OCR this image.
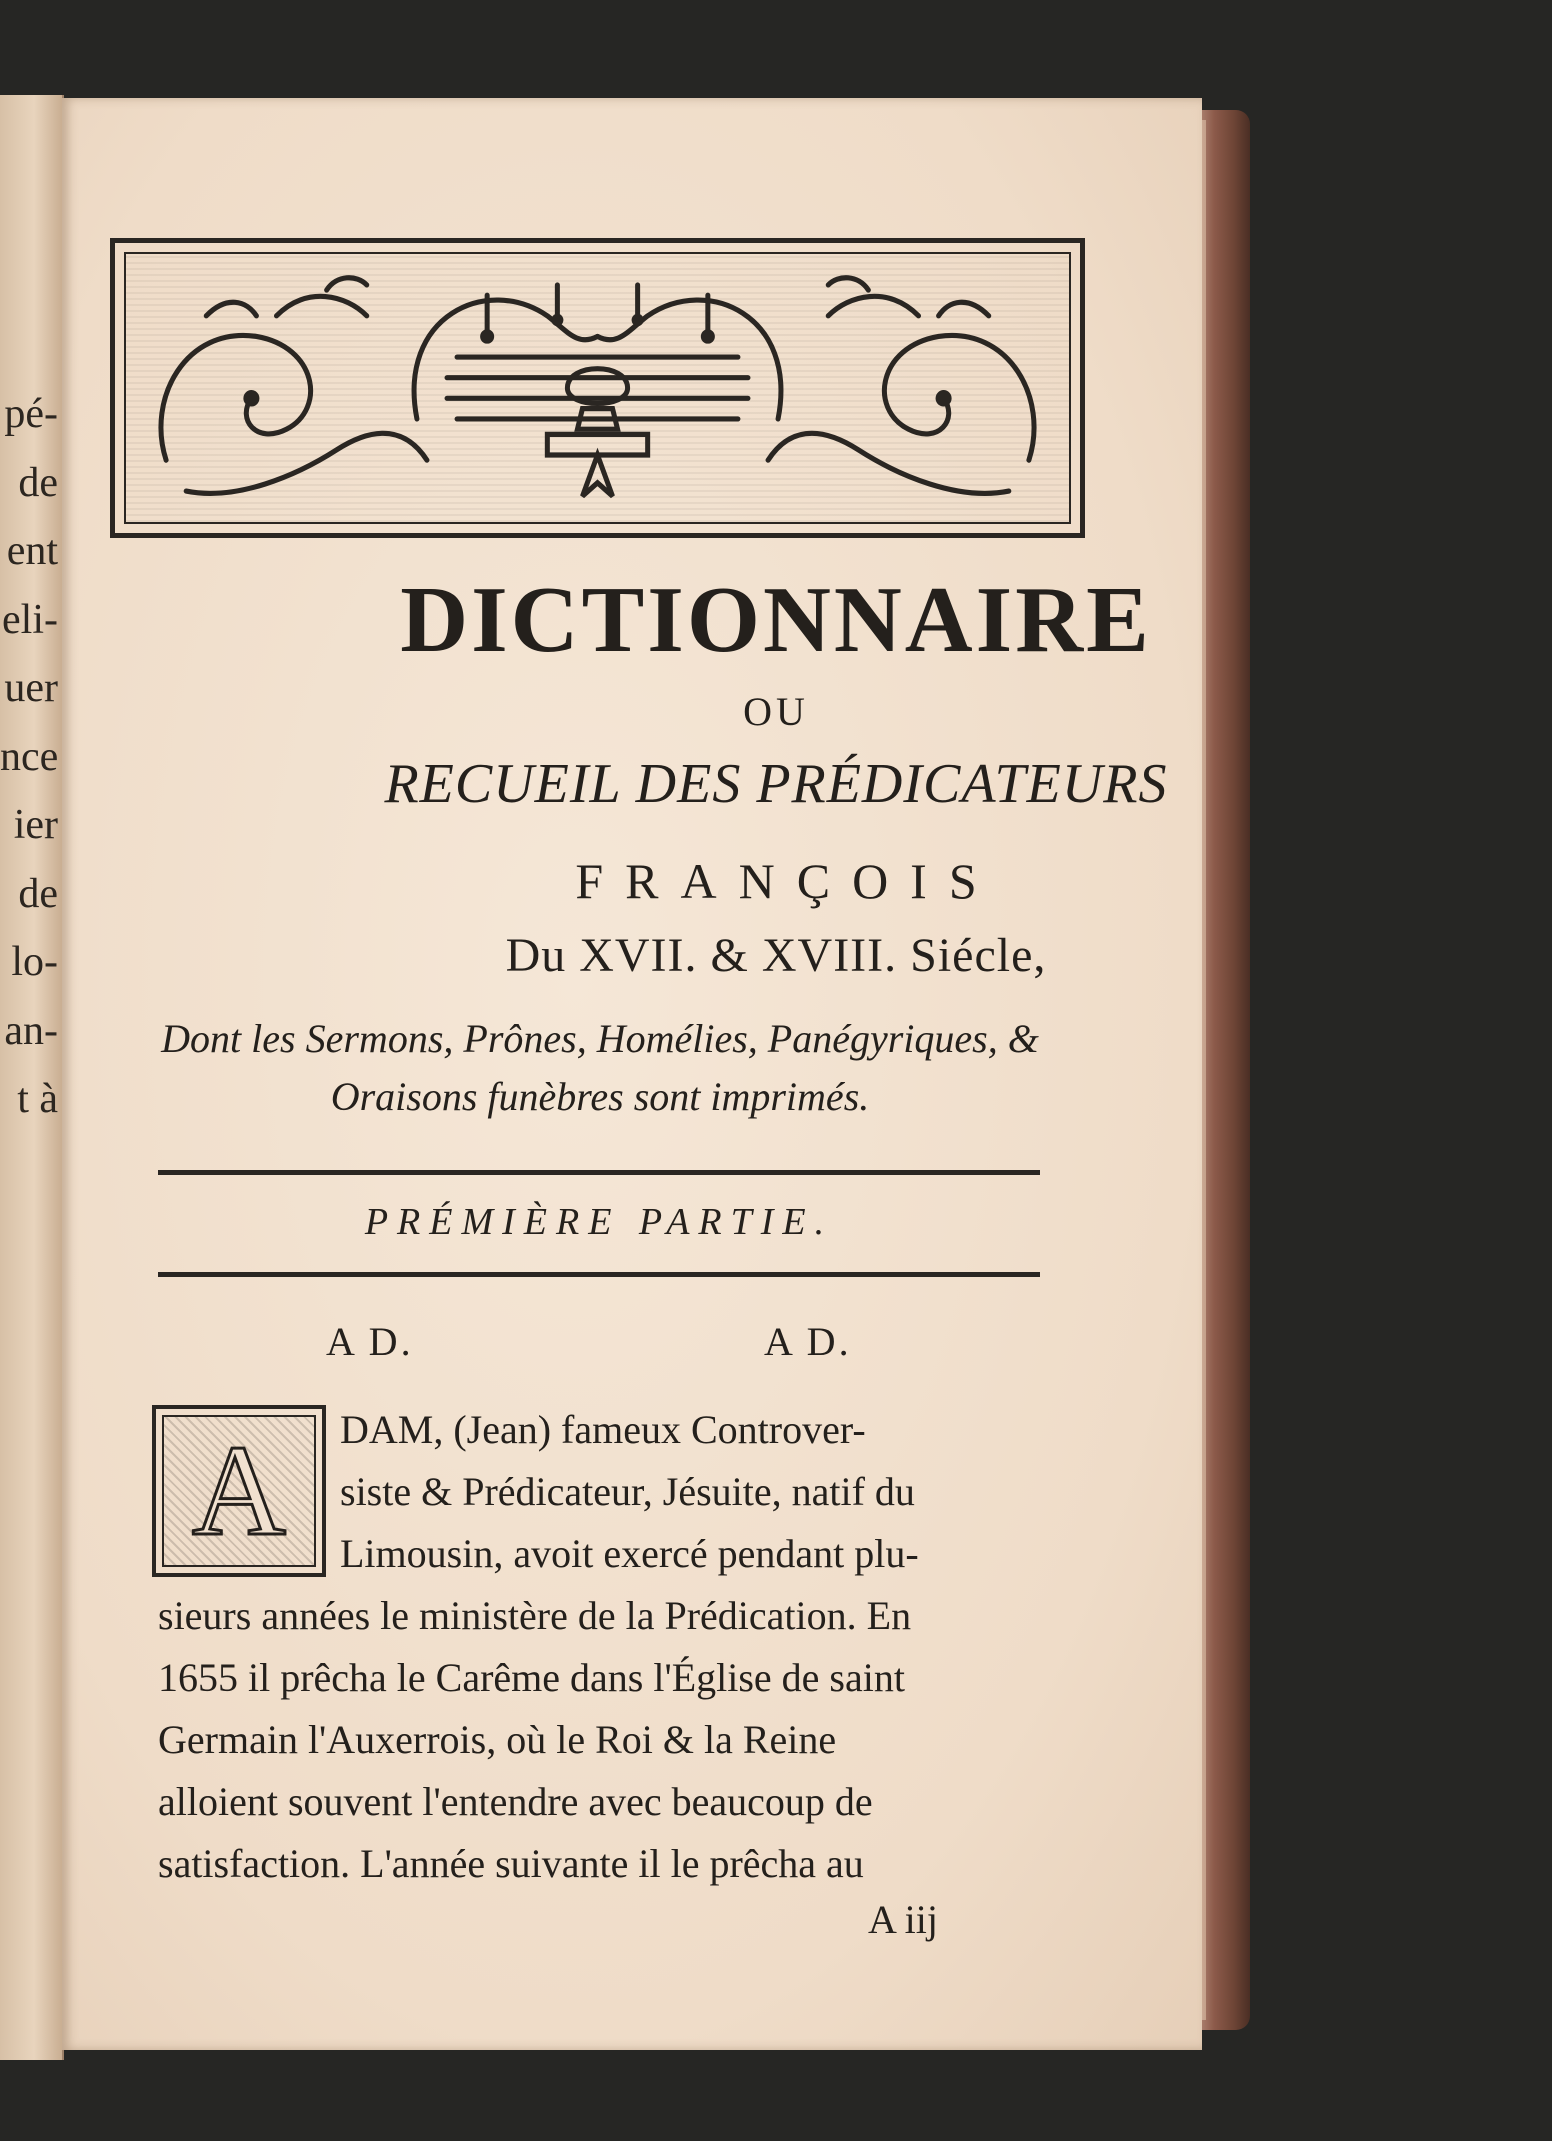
pé-
de
ent
eli-
uer
nce
ier
de
lo-
an-
t à
DICTIONNAIRE
OU
RECUEIL DES PRÉDICATEURS
FRANÇOIS
Du XVII. & XVIII. Siécle,
Dont les Sermons, Prônes, Homélies, Panégyriques, & Oraisons funèbres sont imprimés.
PRÉMIÈRE PARTIE.
A D.	A D.
A	DAM, (Jean) fameux Controver-

siste & Prédicateur, Jésuite, natif du

Limousin, avoit exercé pendant plu-

sieurs années le ministère de la Prédication. En

1655 il prêcha le Carême dans l'Église de saint

Germain l'Auxerrois, où le Roi & la Reine

alloient souvent l'entendre avec beaucoup de

satisfaction. L'année suivante il le prêcha au

A iij
